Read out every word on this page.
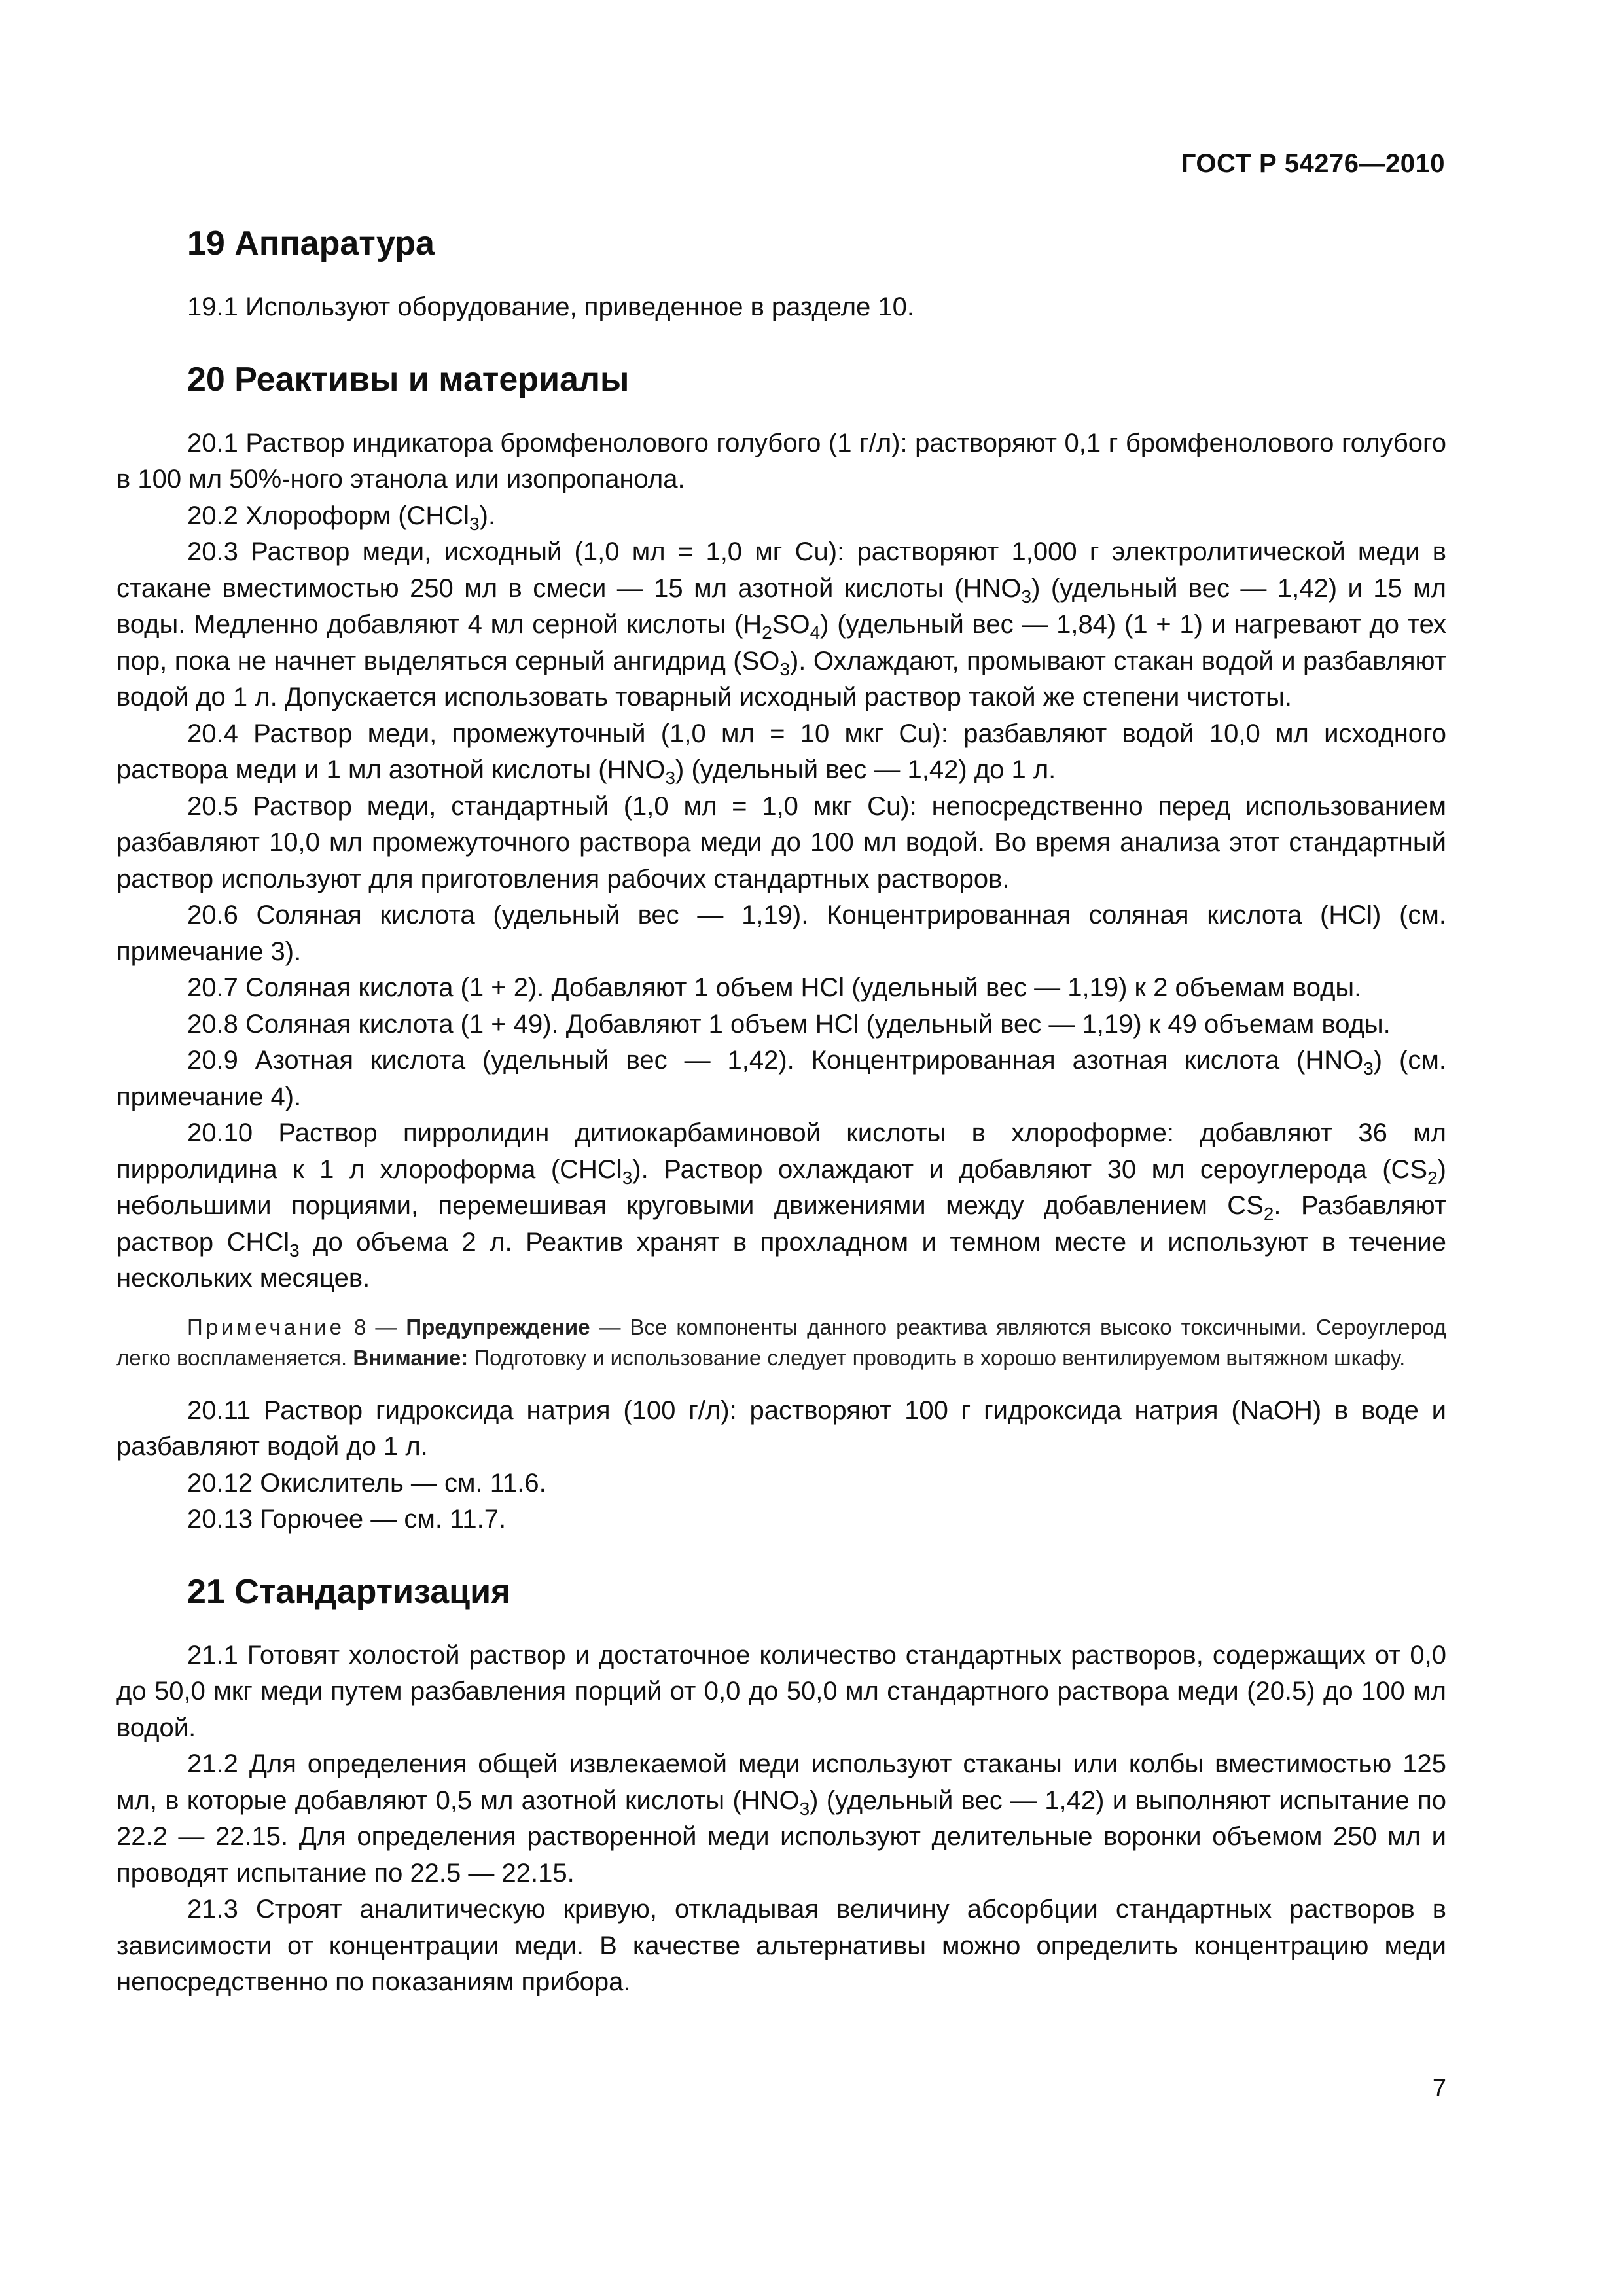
ГОСТ Р 54276—2010
19 Аппаратура

19.1 Используют оборудование, приведенное в разделе 10.

20 Реактивы и материалы

20.1 Раствор индикатора бромфенолового голубого (1 г/л): растворяют 0,1 г бромфенолового голубого в 100 мл 50%-ного этанола или изопропанола.

20.2 Хлороформ (CHCl$_3$).

20.3 Раствор меди, исходный (1,0 мл = 1,0 мг Cu): растворяют 1,000 г электролитической меди в стакане вместимостью 250 мл в смеси — 15 мл азотной кислоты $(HNO_3)$ (удельный вес — 1,42) и 15 мл воды. Медленно добавляют 4 мл серной кислоты $(H_2SO_4)$ (удельный вес — 1,84) (1 + 1) и нагревают до тех пор, пока не начнет выделяться серный ангидрид $(SO_3)$. Охлаждают, промывают стакан водой и разбавляют водой до 1 л. Допускается использовать товарный исходный раствор такой же степени чистоты.

20.4 Раствор меди, промежуточный (1,0 мл = 10 мкг Cu): разбавляют водой 10,0 мл исходного раствора меди и 1 мл азотной кислоты $(HNO_3)$ (удельный вес — 1,42) до 1 л.

20.5 Раствор меди, стандартный (1,0 мл = 1,0 мкг Cu): непосредственно перед использованием разбавляют 10,0 мл промежуточного раствора меди до 100 мл водой. Во время анализа этот стандартный раствор используют для приготовления рабочих стандартных растворов.

20.6 Соляная кислота (удельный вес — 1,19). Концентрированная соляная кислота (HCl) (см. примечание 3).

20.7 Соляная кислота (1 + 2). Добавляют 1 объем HCl (удельный вес — 1,19) к 2 объемам воды.

20.8 Соляная кислота (1 + 49). Добавляют 1 объем HCl (удельный вес — 1,19) к 49 объемам воды.

20.9 Азотная кислота (удельный вес — 1,42). Концентрированная азотная кислота $(HNO_3)$ (см. примечание 4).

20.10 Раствор пирролидин дитиокарбаминовой кислоты в хлороформе: добавляют 36 мл пирролидина к 1 л хлороформа (CHCl$_3$). Раствор охлаждают и добавляют 30 мл сероуглерода $(CS_2)$ небольшими порциями, перемешивая круговыми движениями между добавлением $CS_2$. Разбавляют раствор CHCl$_3$ до объема 2 л. Реактив хранят в прохладном и темном месте и используют в течение нескольких месяцев.

Примечание 8 — Предупреждение — Все компоненты данного реактива являются высоко токсичными. Сероуглерод легко воспламеняется. Внимание: Подготовку и использование следует проводить в хорошо вентилируемом вытяжном шкафу.

20.11 Раствор гидроксида натрия (100 г/л): растворяют 100 г гидроксида натрия (NaOH) в воде и разбавляют водой до 1 л.

20.12 Окислитель — см. 11.6.

20.13 Горючее — см. 11.7.

21 Стандартизация

21.1 Готовят холостой раствор и достаточное количество стандартных растворов, содержащих от 0,0 до 50,0 мкг меди путем разбавления порций от 0,0 до 50,0 мл стандартного раствора меди (20.5) до 100 мл водой.

21.2 Для определения общей извлекаемой меди используют стаканы или колбы вместимостью 125 мл, в которые добавляют 0,5 мл азотной кислоты $(HNO_3)$ (удельный вес — 1,42) и выполняют испытание по 22.2 — 22.15. Для определения растворенной меди используют делительные воронки объемом 250 мл и проводят испытание по 22.5 — 22.15.

21.3 Строят аналитическую кривую, откладывая величину абсорбции стандартных растворов в зависимости от концентрации меди. В качестве альтернативы можно определить концентрацию меди непосредственно по показаниям прибора.

7
